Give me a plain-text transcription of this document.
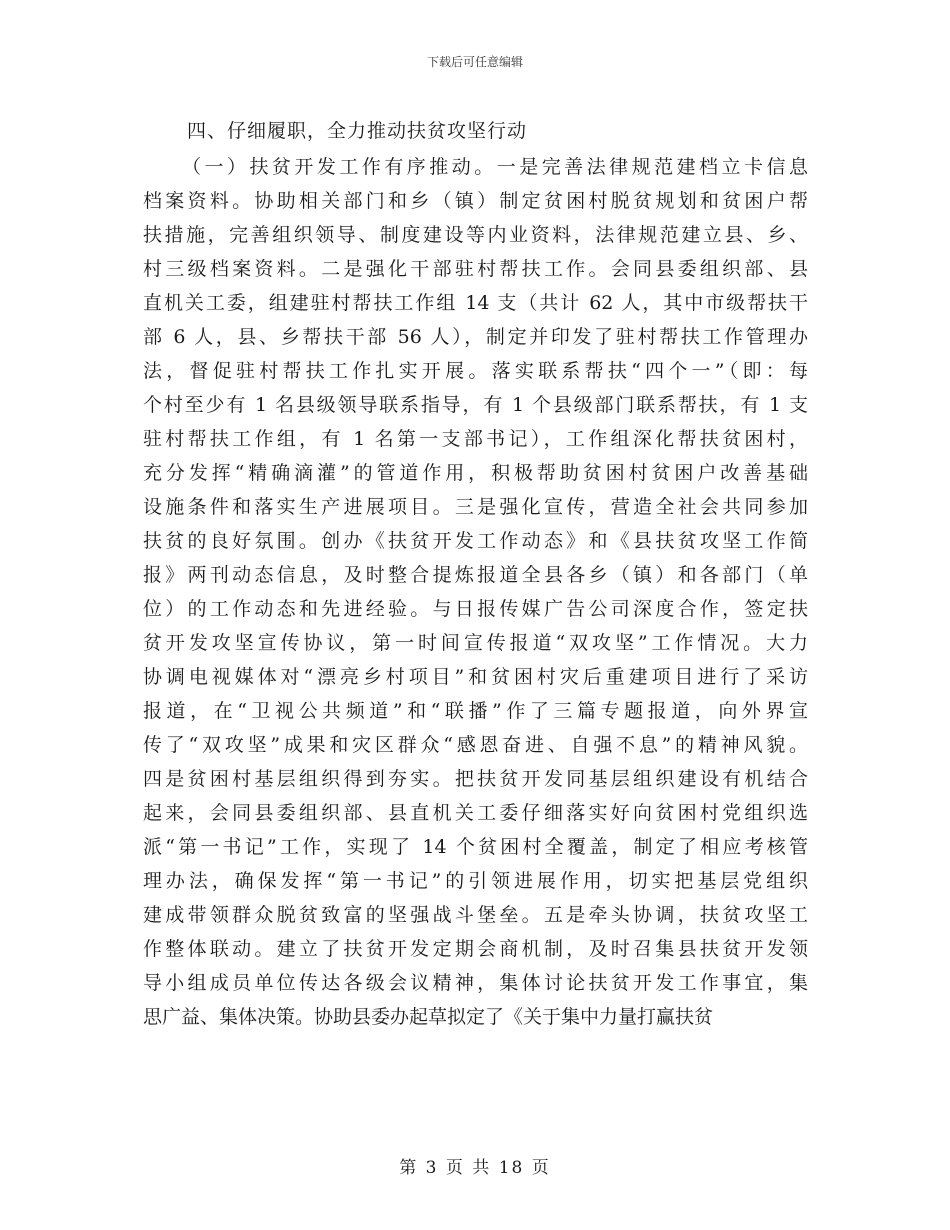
下载后可任意编辑
四、仔细履职，全力推动扶贫攻坚行动
（一）扶贫开发工作有序推动。一是完善法律规范建档立卡信息
档案资料。协助相关部门和乡（镇）制定贫困村脱贫规划和贫困户帮
扶措施，完善组织领导、制度建设等内业资料，法律规范建立县、乡、
村三级档案资料。二是强化干部驻村帮扶工作。会同县委组织部、县
直机关工委，组建驻村帮扶工作组 14 支（共计 62 人，其中市级帮扶干
部 6 人，县、乡帮扶干部 56 人），制定并印发了驻村帮扶工作管理办
法，督促驻村帮扶工作扎实开展。落实联系帮扶“四个一”（即：每
个村至少有 1 名县级领导联系指导，有 1 个县级部门联系帮扶，有 1 支
驻村帮扶工作组，有 1 名第一支部书记），工作组深化帮扶贫困村，
充分发挥“精确滴灌”的管道作用，积极帮助贫困村贫困户改善基础
设施条件和落实生产进展项目。三是强化宣传，营造全社会共同参加
扶贫的良好氛围。创办《扶贫开发工作动态》和《县扶贫攻坚工作简
报》两刊动态信息，及时整合提炼报道全县各乡（镇）和各部门（单
位）的工作动态和先进经验。与日报传媒广告公司深度合作，签定扶
贫开发攻坚宣传协议，第一时间宣传报道“双攻坚”工作情况。大力
协调电视媒体对“漂亮乡村项目”和贫困村灾后重建项目进行了采访
报道，在“卫视公共频道”和“联播”作了三篇专题报道，向外界宣
传了“双攻坚”成果和灾区群众“感恩奋进、自强不息”的精神风貌。
四是贫困村基层组织得到夯实。把扶贫开发同基层组织建设有机结合
起来，会同县委组织部、县直机关工委仔细落实好向贫困村党组织选
派“第一书记”工作，实现了 14 个贫困村全覆盖，制定了相应考核管
理办法，确保发挥“第一书记”的引领进展作用，切实把基层党组织
建成带领群众脱贫致富的坚强战斗堡垒。五是牵头协调，扶贫攻坚工
作整体联动。建立了扶贫开发定期会商机制，及时召集县扶贫开发领
导小组成员单位传达各级会议精神，集体讨论扶贫开发工作事宜，集
思广益、集体决策。协助县委办起草拟定了《关于集中力量打赢扶贫
第 3 页 共 18 页
